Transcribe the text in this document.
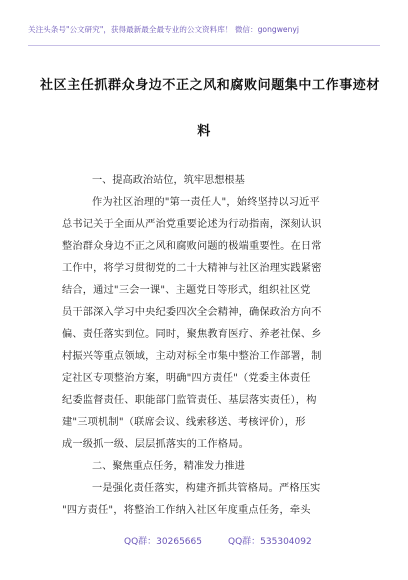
关注头条号"公文研究"，获得最新最全最专业的公文资料库！ 微信：gongwenyj
社区主任抓群众身边不正之风和腐败问题集中工作事迹材
料
一、提高政治站位，筑牢思想根基
作为社区治理的"第一责任人"，始终坚持以习近平
总书记关于全面从严治党重要论述为行动指南，深刻认识
整治群众身边不正之风和腐败问题的极端重要性。在日常
工作中，将学习贯彻党的二十大精神与社区治理实践紧密
结合，通过"三会一课"、主题党日等形式，组织社区党
员干部深入学习中央纪委四次全会精神，确保政治方向不
偏、责任落实到位。同时，聚焦教育医疗、养老社保、乡
村振兴等重点领域，主动对标全市集中整治工作部署，制
定社区专项整治方案，明确"四方责任"（党委主体责任
纪委监督责任、职能部门监管责任、基层落实责任），构
建"三项机制"（联席会议、线索移送、考核评价），形
成一级抓一级、层层抓落实的工作格局。
二、聚焦重点任务，精准发力推进
一是强化责任落实，构建齐抓共管格局。严格压实
"四方责任"，将整治工作纳入社区年度重点任务，牵头
QQ群：30265665	QQ群：535304092
